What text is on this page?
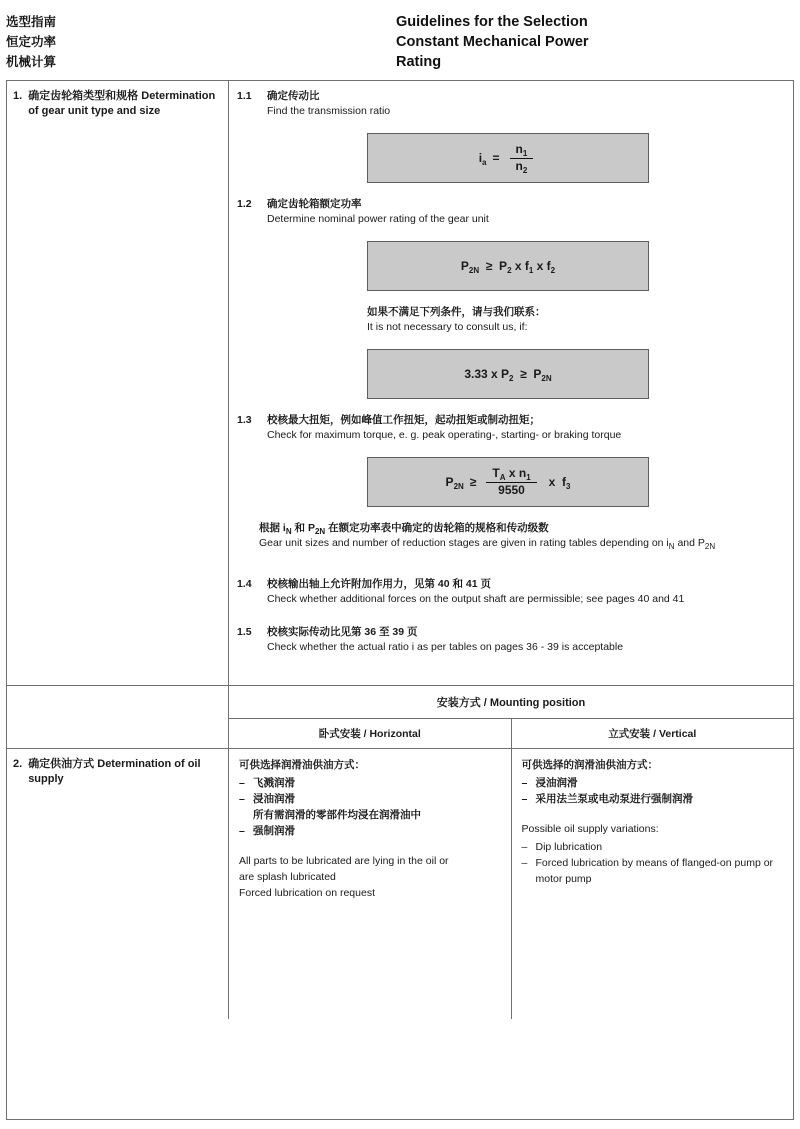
选型指南
恒定功率
机械计算
Guidelines for the Selection
Constant Mechanical Power
Rating
1. 确定齿轮箱类型和规格 Determination of gear unit type and size
1.1	确定传动比
Find the transmission ratio
$i_a = \frac{n_1}{n_2}$
1.2	确定齿轮箱额定功率
Determine nominal power rating of the gear unit
$P_{2N} \ge P_2$ x $f_1$ x $f_2$
如果不满足下列条件，请与我们联系：
It is not necessary to consult us, if:
3.33 x $P_2 \ge P_{2N}$
1.3	校核最大扭矩，例如峰值工作扭矩，起动扭矩或制动扭矩；
Check for maximum torque, e. g. peak operating-, starting- or braking torque
$P_{2N} \ge \frac{T_A x n_1}{9550}$ x  $f_3$
根据 $i_N$ 和 $P_{2N}$ 在额定功率表中确定的齿轮箱的规格和传动级数
Gear unit sizes and number of reduction stages are given in rating tables depending on $i_N$ and $P_{2N}$
1.4	校核输出轴上允许附加作用力，见第 40 和 41 页
Check whether additional forces on the output shaft are permissible; see pages 40 and 41
1.5	校核实际传动比见第 36 至 39 页
Check whether the actual ratio i as per tables on pages 36 - 39 is acceptable
安装方式 / Mounting position
卧式安装 / Horizontal	立式安装 / Vertical
2. 确定供油方式 Determination of oil supply
可供选择润滑油供油方式：
– 飞溅润滑
– 浸油润滑
所有需润滑的零部件均浸在润滑油中
– 强制润滑
All parts to be lubricated are lying in the oil or
are splash lubricated
Forced lubrication on request
可供选择的润滑油供油方式：
– 浸油润滑
– 采用法兰泵或电动泵进行强制润滑
Possible oil supply variations:
– Dip lubrication
– Forced lubrication by means of flanged-on pump or motor pump
